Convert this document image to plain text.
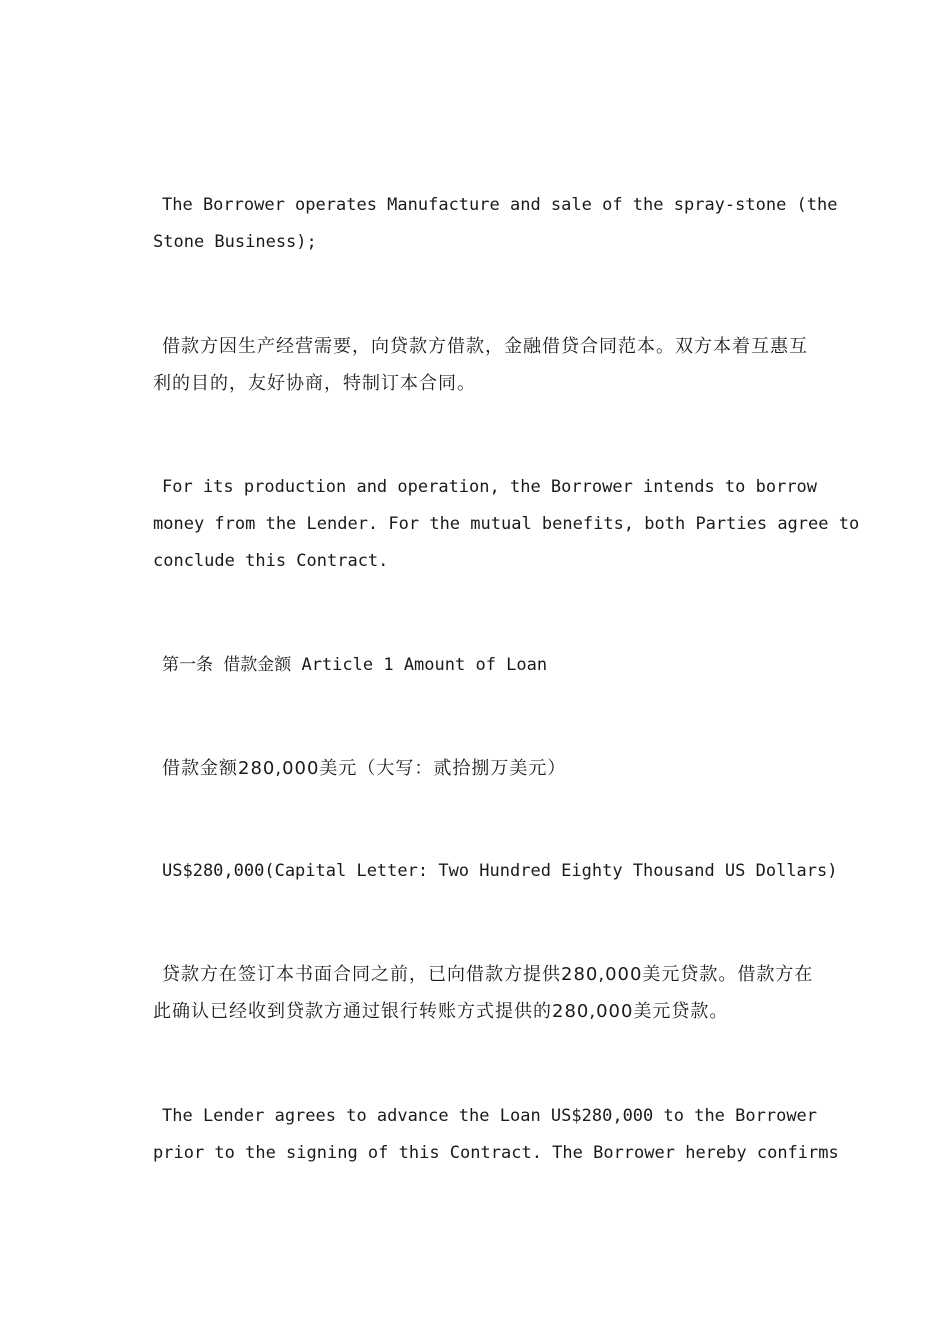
The Borrower operates Manufacture and sale of the spray-stone (the
Stone Business);
借款方因生产经营需要，向贷款方借款，金融借贷合同范本。双方本着互惠互
利的目的，友好协商，特制订本合同。
For its production and operation, the Borrower intends to borrow
money from the Lender. For the mutual benefits, both Parties agree to
conclude this Contract.
第一条 借款金额 Article 1 Amount of Loan
借款金额280,000美元（大写：贰拾捌万美元）
US$280,000(Capital Letter: Two Hundred Eighty Thousand US Dollars)
贷款方在签订本书面合同之前，已向借款方提供280,000美元贷款。借款方在
此确认已经收到贷款方通过银行转账方式提供的280,000美元贷款。
The Lender agrees to advance the Loan US$280,000 to the Borrower
prior to the signing of this Contract. The Borrower hereby confirms
